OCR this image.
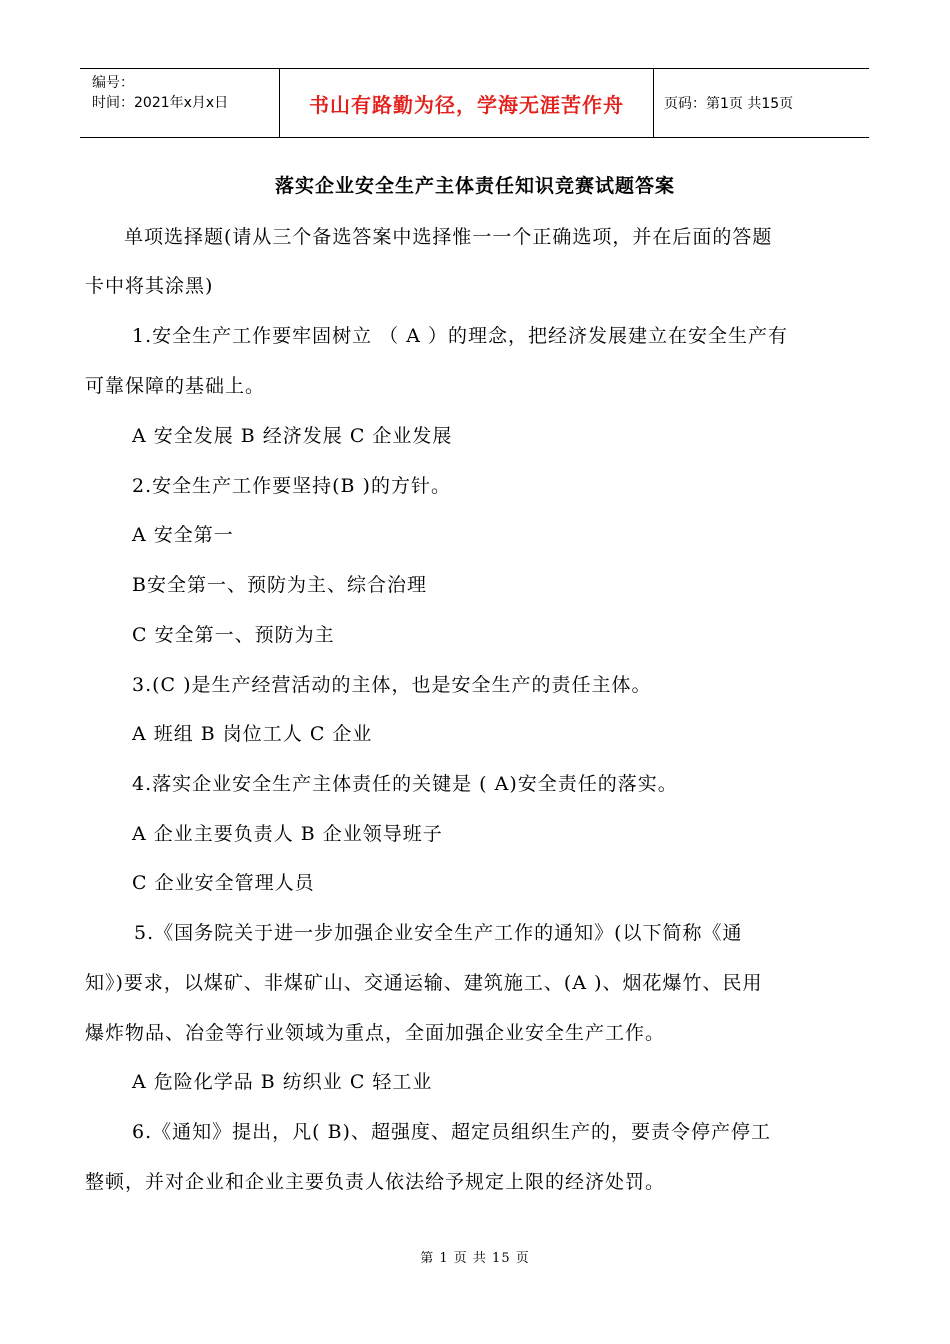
编号：
时间：2021年x月x日	书山有路勤为径，学海无涯苦作舟	页码：第1页 共15页
落实企业安全生产主体责任知识竞赛试题答案
单项选择题(请从三个备选答案中选择惟一一个正确选项，并在后面的答题
卡中将其涂黑)
1.安全生产工作要牢固树立 （ A ）的理念，把经济发展建立在安全生产有
可靠保障的基础上。
A 安全发展 B 经济发展 C 企业发展
2.安全生产工作要坚持(B )的方针。
A 安全第一
B安全第一、预防为主、综合治理
C 安全第一、预防为主
3.(C )是生产经营活动的主体，也是安全生产的责任主体。
A 班组 B 岗位工人 C 企业
4.落实企业安全生产主体责任的关键是 ( A)安全责任的落实。
A 企业主要负责人 B 企业领导班子
C 企业安全管理人员
5.《国务院关于进一步加强企业安全生产工作的通知》(以下简称《通
知》)要求，以煤矿、非煤矿山、交通运输、建筑施工、(A )、烟花爆竹、民用
爆炸物品、冶金等行业领域为重点，全面加强企业安全生产工作。
A 危险化学品 B 纺织业 C 轻工业
6.《通知》提出，凡( B)、超强度、超定员组织生产的，要责令停产停工
整顿，并对企业和企业主要负责人依法给予规定上限的经济处罚。
第 1 页 共 15 页
